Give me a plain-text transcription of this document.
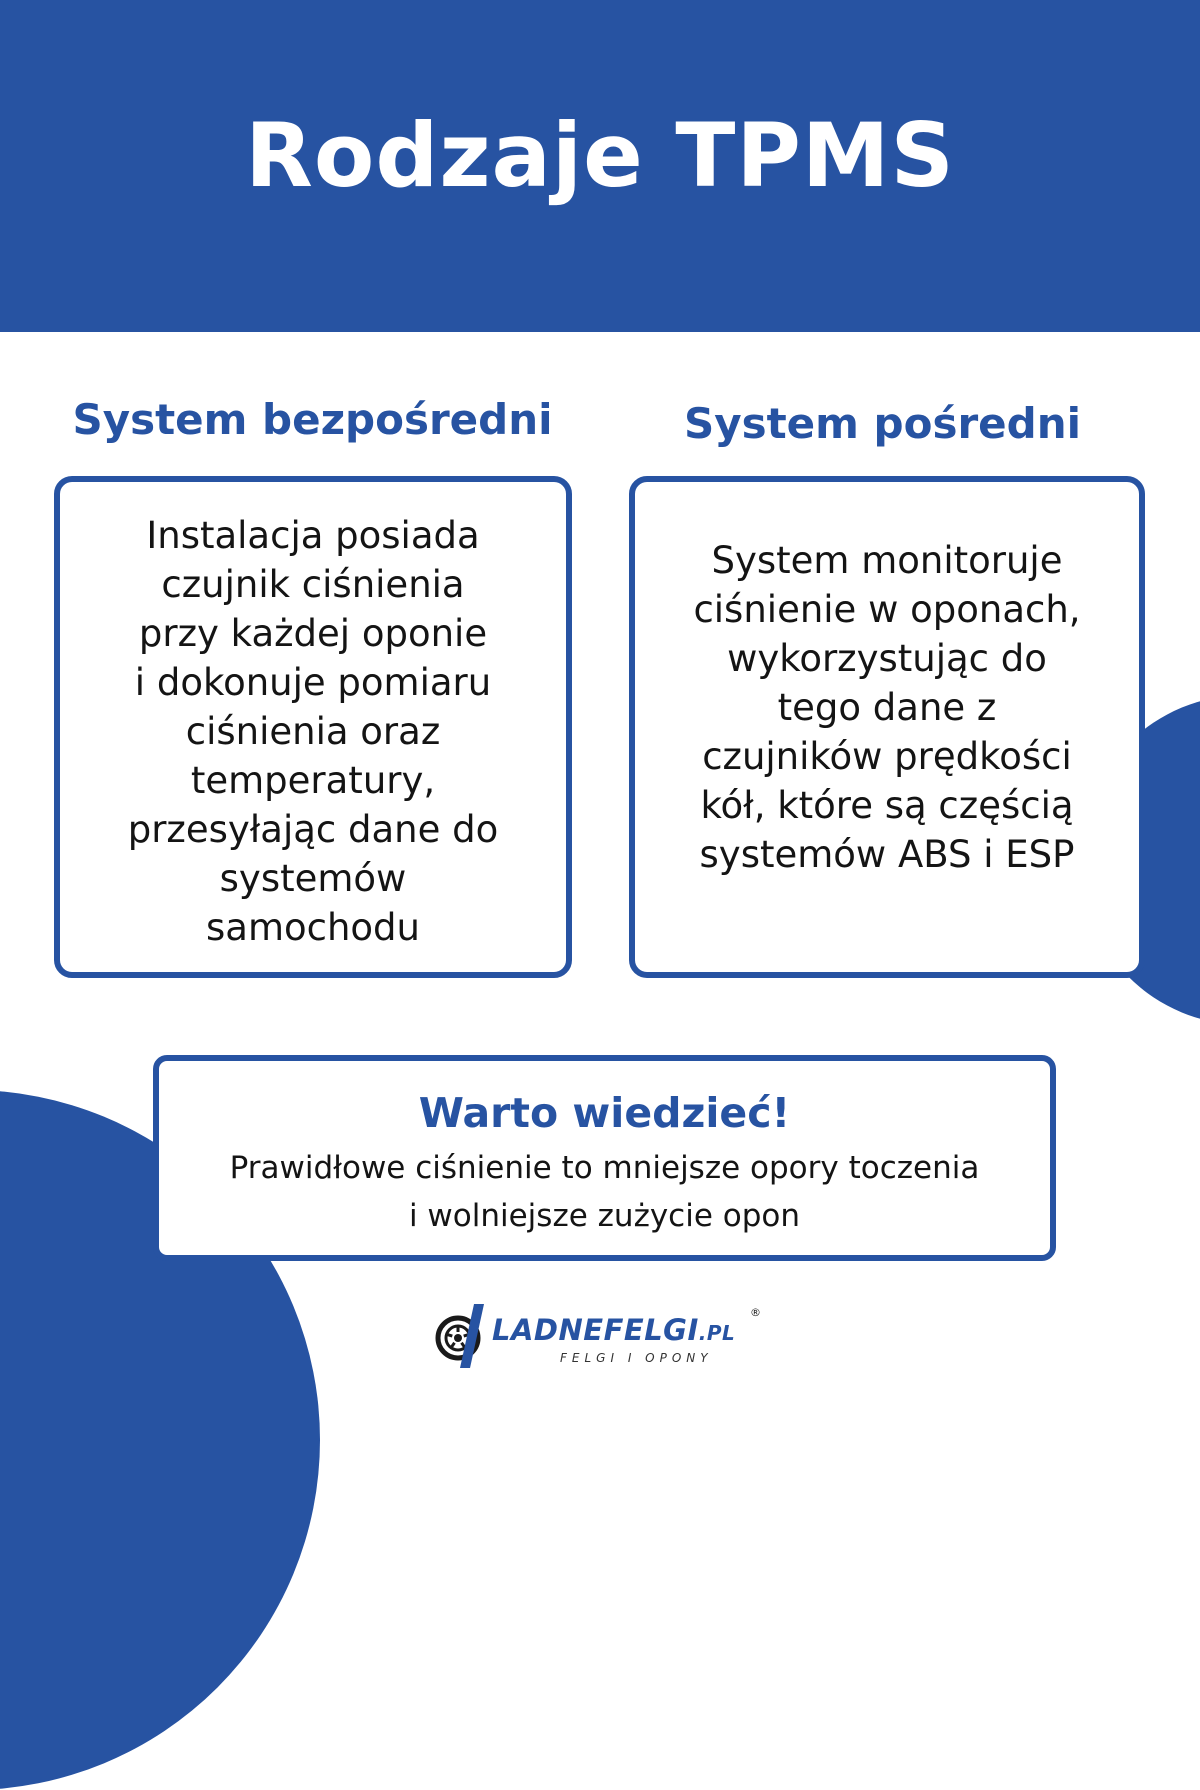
Rodzaje TPMS
System bezpośredni	System pośredni
Instalacja posiada
czujnik ciśnienia
przy każdej oponie
i dokonuje pomiaru
ciśnienia oraz
temperatury,
przesyłając dane do
systemów
samochodu
System monitoruje
ciśnienie w oponach,
wykorzystując do
tego dane z
czujników prędkości
kół, które są częścią
systemów ABS i ESP
Warto wiedzieć!
Prawidłowe ciśnienie to mniejsze opory toczenia
i wolniejsze zużycie opon
LADNEFELGI.PL
®
FELGI I OPONY
